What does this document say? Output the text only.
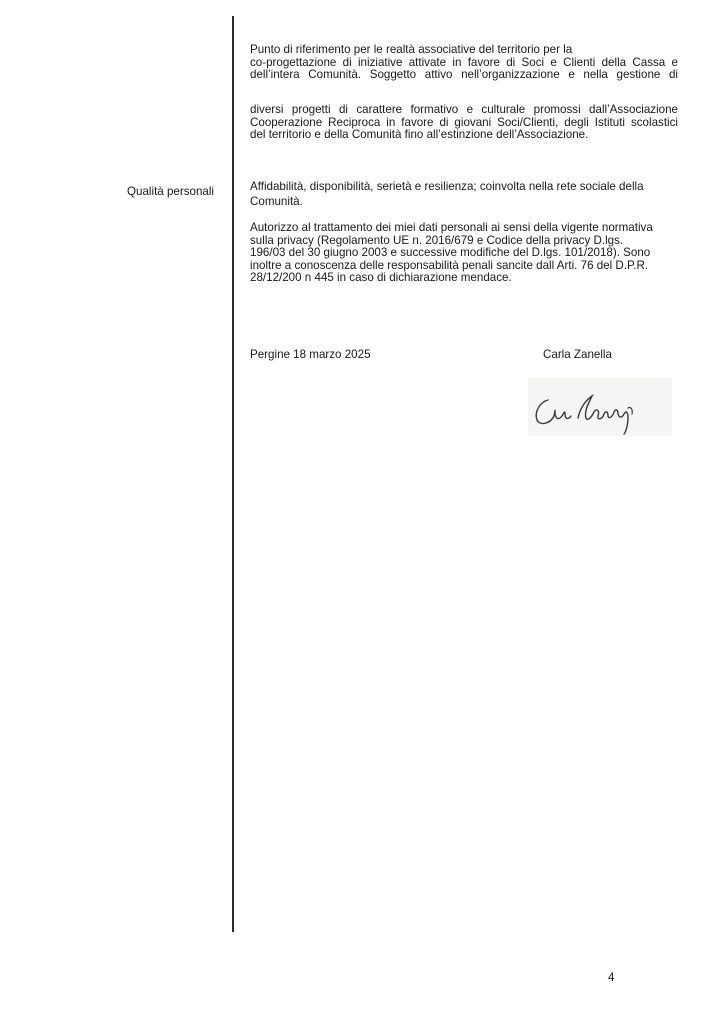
Punto di riferimento per le realtà associative del territorio per la
co-progettazione di iniziative attivate in favore di Soci e Clienti della Cassa e
dell’intera Comunità. Soggetto attivo nell’organizzazione e nella gestione di
diversi progetti di carattere formativo e culturale promossi dall’Associazione
Cooperazione Reciproca in favore di giovani Soci/Clienti, degli Istituti scolastici
del territorio e della Comunità fino all’estinzione dell’Associazione.
Qualità personali	Affidabilità, disponibilità, serietà e resilienza; coinvolta nella rete sociale della
Comunità.
Autorizzo al trattamento dei miei dati personali ai sensi della vigente normativa
sulla privacy (Regolamento UE n. 2016/679 e Codice della privacy D.lgs.
196/03 del 30 giugno 2003 e successive modifiche del D.lgs. 101/2018). Sono
inoltre a conoscenza delle responsabilità penali sancite dall Arti. 76 del D.P.R.
28/12/200 n 445 in caso di dichiarazione mendace.
Pergine 18 marzo 2025	Carla Zanella
4
